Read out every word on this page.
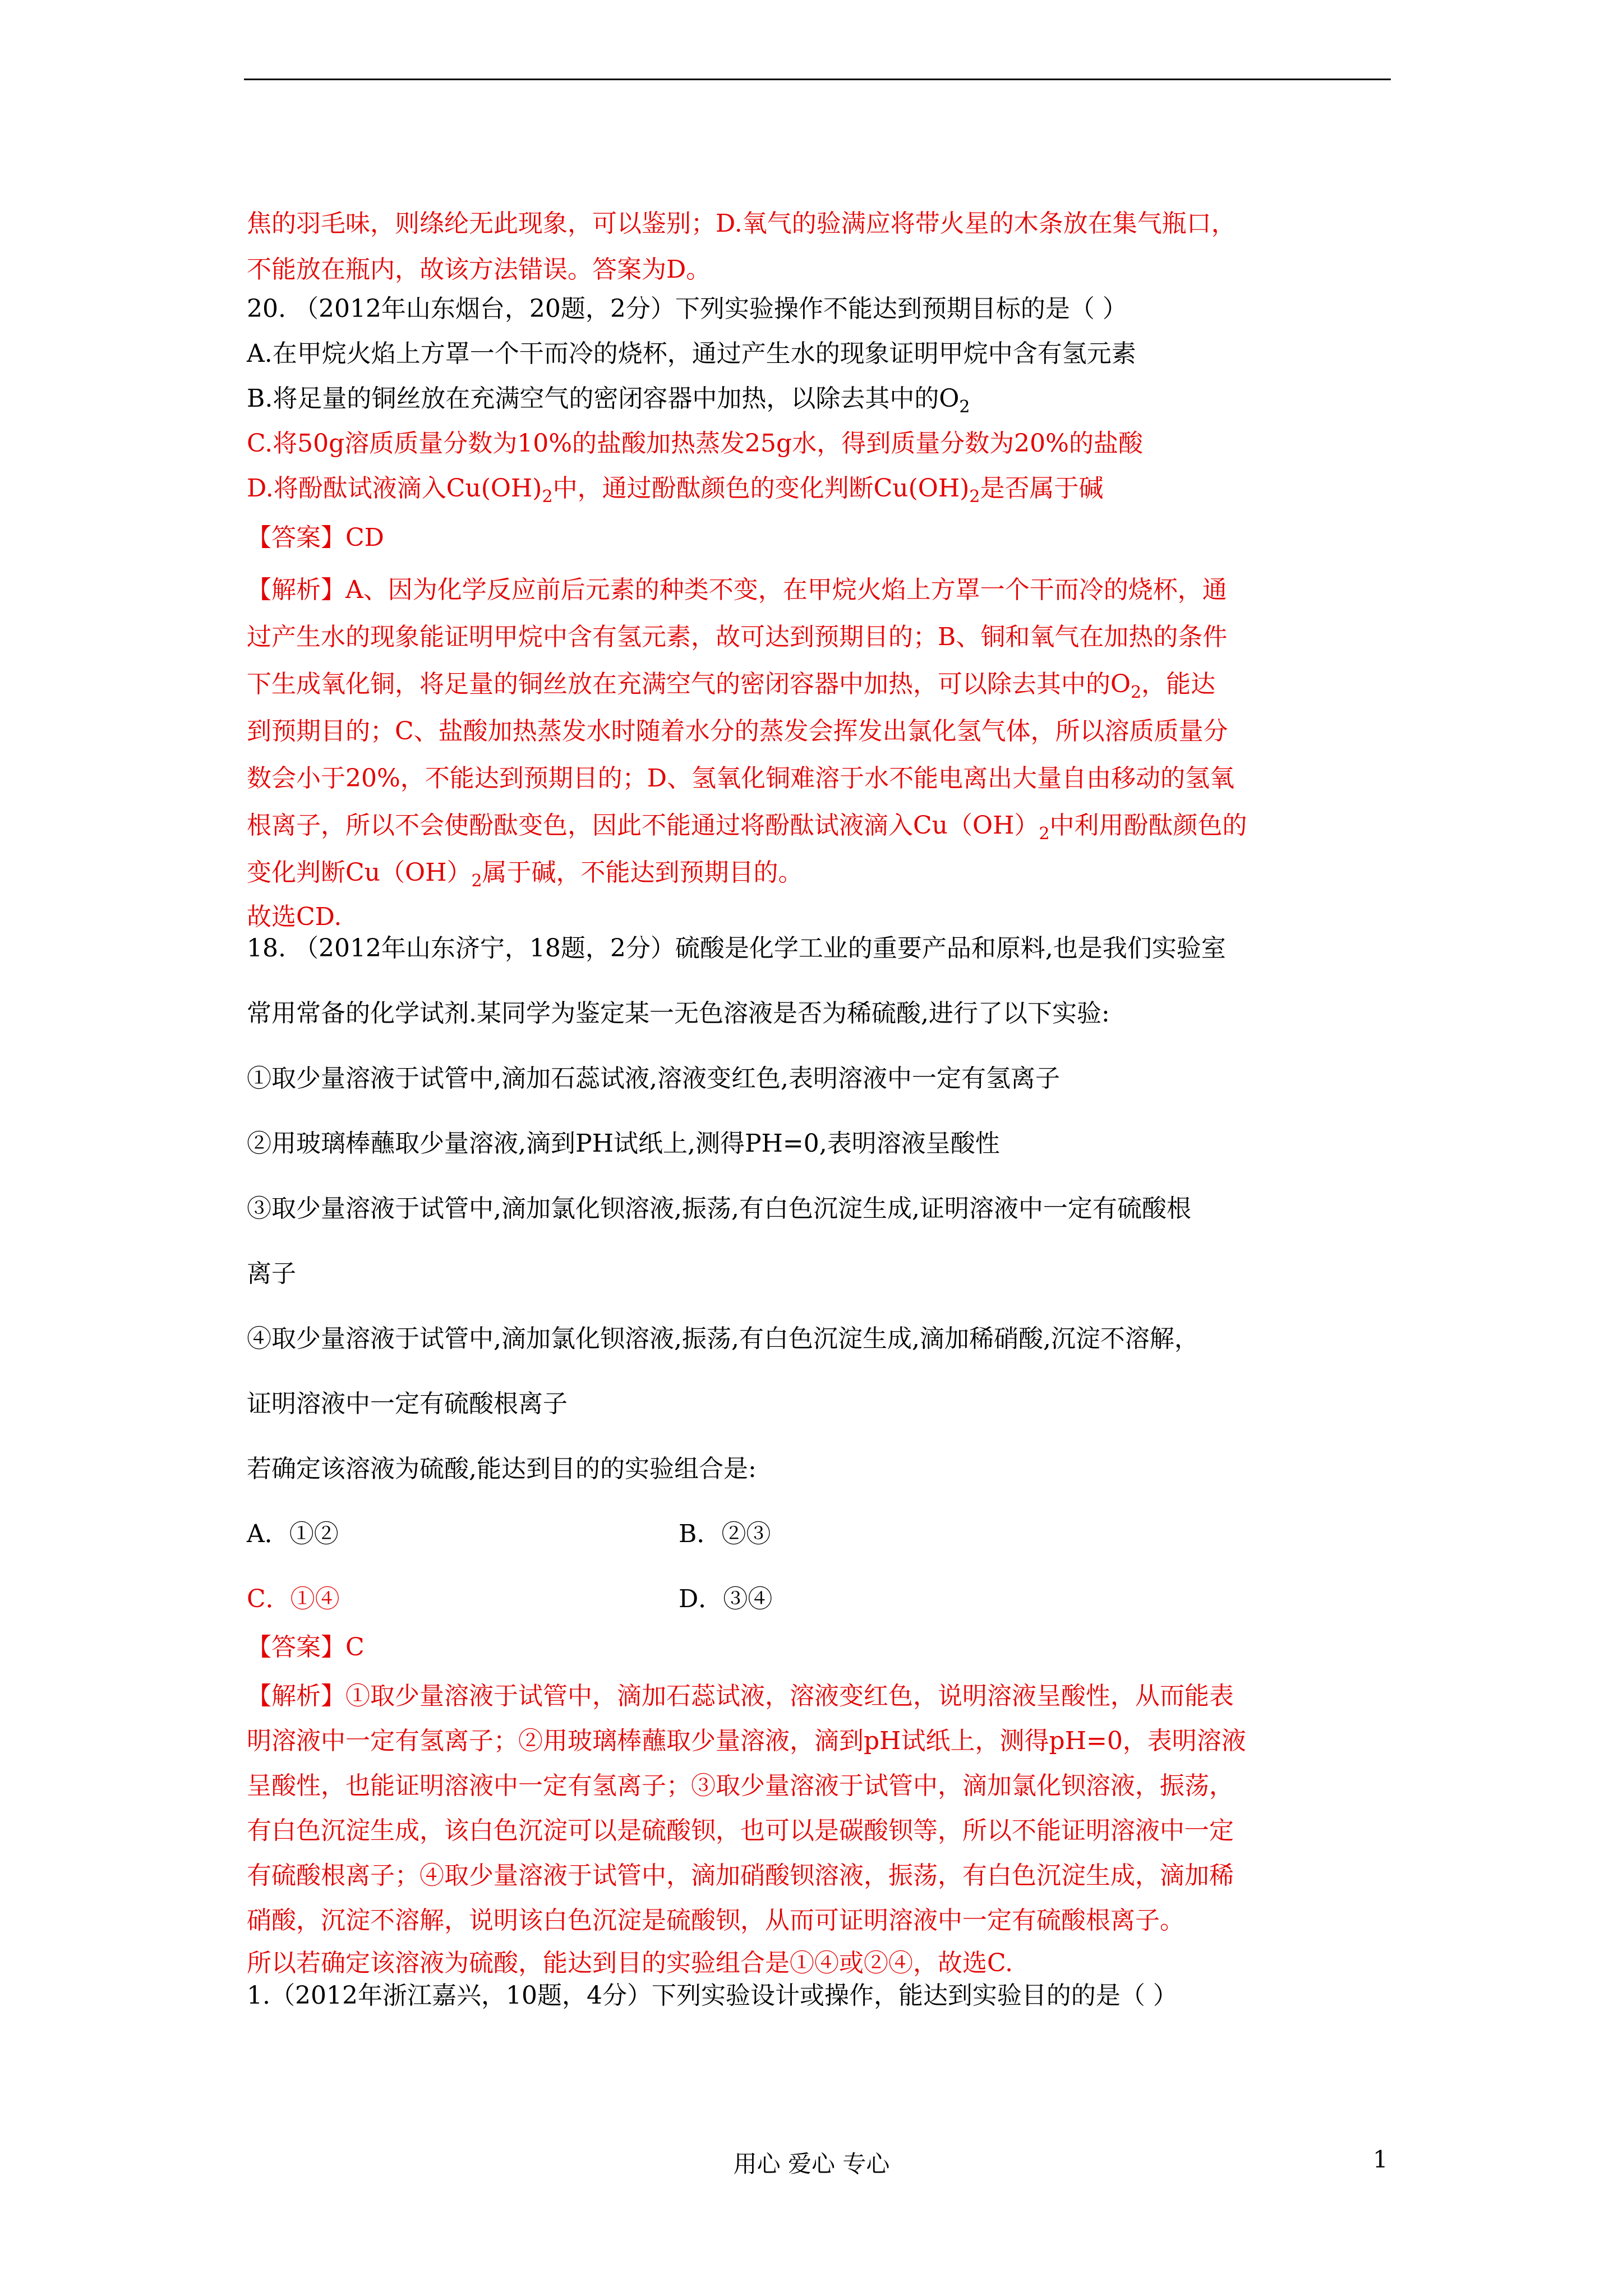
焦的羽毛味，则绦纶无此现象，可以鉴别；D.氧气的验满应将带火星的木条放在集气瓶口，

不能放在瓶内，故该方法错误。答案为D。

20. （2012年山东烟台，20题，2分）下列实验操作不能达到预期目标的是（ ）

A.在甲烷火焰上方罩一个干而冷的烧杯，通过产生水的现象证明甲烷中含有氢元素

B.将足量的铜丝放在充满空气的密闭容器中加热，以除去其中的$O_2$

C.将50g溶质质量分数为10%的盐酸加热蒸发25g水，得到质量分数为20%的盐酸

D.将酚酞试液滴入$Cu(OH)_2$中，通过酚酞颜色的变化判断$Cu(OH)_2$是否属于碱

【答案】CD

【解析】A、因为化学反应前后元素的种类不变，在甲烷火焰上方罩一个干而冷的烧杯，通

过产生水的现象能证明甲烷中含有氢元素，故可达到预期目的；B、铜和氧气在加热的条件

下生成氧化铜，将足量的铜丝放在充满空气的密闭容器中加热，可以除去其中的$O_2$，能达

到预期目的；C、盐酸加热蒸发水时随着水分的蒸发会挥发出氯化氢气体，所以溶质质量分

数会小于20%，不能达到预期目的；D、氢氧化铜难溶于水不能电离出大量自由移动的氢氧

根离子，所以不会使酚酞变色，因此不能通过将酚酞试液滴入$Cu(OH)_2$中利用酚酞颜色的

变化判断$Cu(OH)_2$属于碱，不能达到预期目的。

故选CD.

18. （2012年山东济宁，18题，2分）硫酸是化学工业的重要产品和原料,也是我们实验室

常用常备的化学试剂.某同学为鉴定某一无色溶液是否为稀硫酸,进行了以下实验:

①取少量溶液于试管中,滴加石蕊试液,溶液变红色,表明溶液中一定有氢离子

②用玻璃棒蘸取少量溶液,滴到PH试纸上,测得PH=0,表明溶液呈酸性

③取少量溶液于试管中,滴加氯化钡溶液,振荡,有白色沉淀生成,证明溶液中一定有硫酸根

离子

④取少量溶液于试管中,滴加氯化钡溶液,振荡,有白色沉淀生成,滴加稀硝酸,沉淀不溶解，

证明溶液中一定有硫酸根离子

若确定该溶液为硫酸,能达到目的的实验组合是:

A．①②	B．②③

C．①④	D．③④

【答案】C

【解析】①取少量溶液于试管中，滴加石蕊试液，溶液变红色，说明溶液呈酸性，从而能表

明溶液中一定有氢离子；②用玻璃棒蘸取少量溶液，滴到pH试纸上，测得pH=0，表明溶液

呈酸性，也能证明溶液中一定有氢离子；③取少量溶液于试管中，滴加氯化钡溶液，振荡，

有白色沉淀生成，该白色沉淀可以是硫酸钡，也可以是碳酸钡等，所以不能证明溶液中一定

有硫酸根离子；④取少量溶液于试管中，滴加硝酸钡溶液，振荡，有白色沉淀生成，滴加稀

硝酸，沉淀不溶解，说明该白色沉淀是硫酸钡，从而可证明溶液中一定有硫酸根离子。

所以若确定该溶液为硫酸，能达到目的实验组合是①④或②④，故选C.

1.（2012年浙江嘉兴，10题，4分）下列实验设计或操作，能达到实验目的的是（ ）

用心 爱心 专心	1
